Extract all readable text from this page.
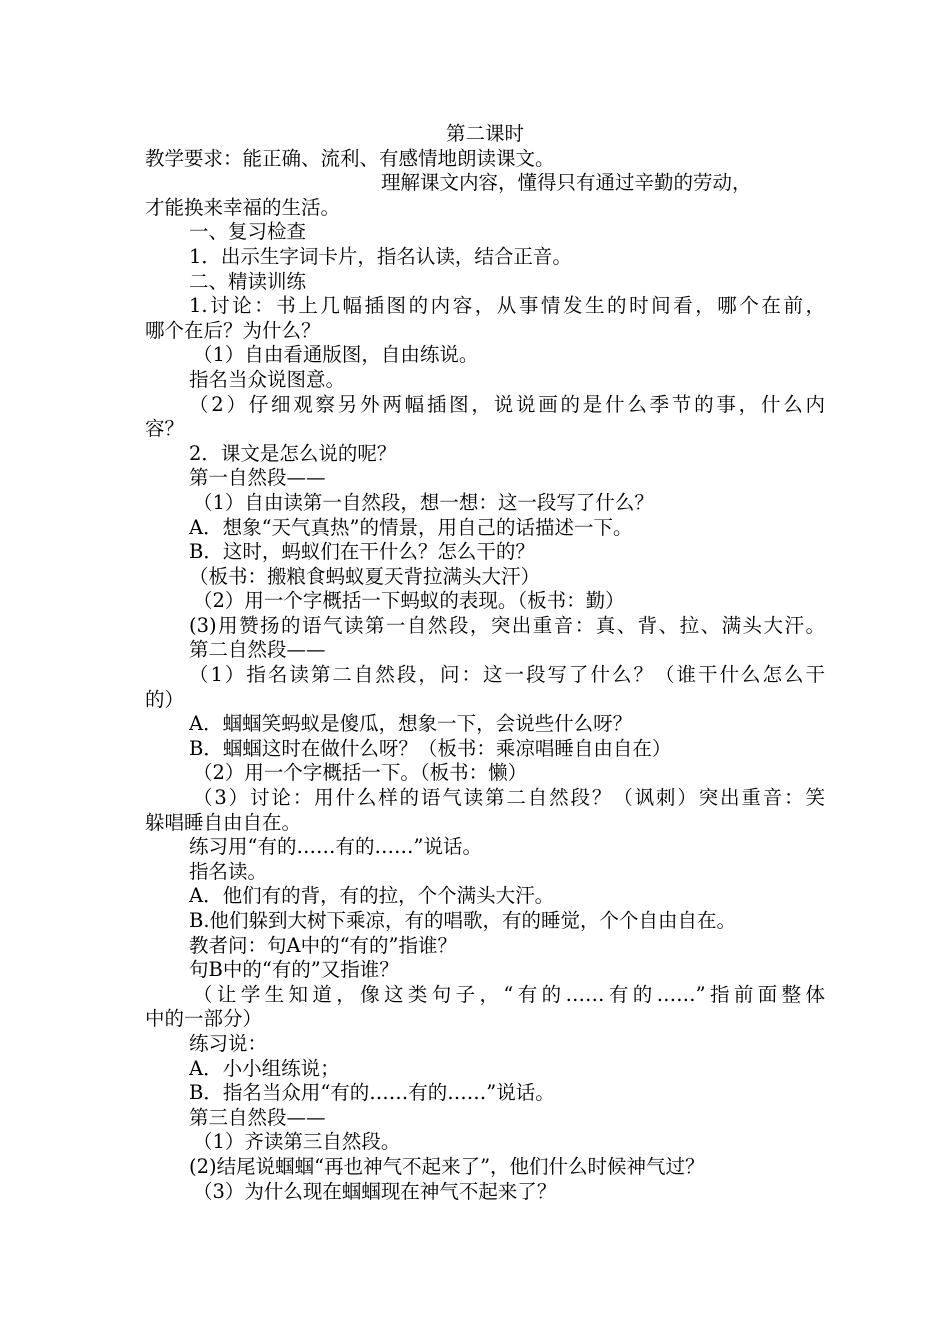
第二课时
教学要求：能正确、流利、有感情地朗读课文。
理解课文内容，懂得只有通过辛勤的劳动，
才能换来幸福的生活。
一、复习检查
1．出示生字词卡片，指名认读，结合正音。
二、精读训练
1.讨论：书上几幅插图的内容，从事情发生的时间看，哪个在前，
哪个在后？为什么？
（1）自由看通版图，自由练说。
指名当众说图意。
（2）仔细观察另外两幅插图，说说画的是什么季节的事，什么内
容？
2．课文是怎么说的呢？
第一自然段——
（1）自由读第一自然段，想一想：这一段写了什么？
A．想象“天气真热”的情景，用自己的话描述一下。
B．这时，蚂蚁们在干什么？怎么干的？
（板书：搬粮食蚂蚁夏天背拉满头大汗）
（2）用一个字概括一下蚂蚁的表现。（板书：勤）
(3)用赞扬的语气读第一自然段，突出重音：真、背、拉、满头大汗。
第二自然段——
（1）指名读第二自然段，问：这一段写了什么？（谁干什么怎么干
的）
A．蝈蝈笑蚂蚁是傻瓜，想象一下，会说些什么呀？
B．蝈蝈这时在做什么呀？（板书：乘凉唱睡自由自在）
（2）用一个字概括一下。（板书：懒）
（3）讨论：用什么样的语气读第二自然段？（讽刺）突出重音：笑
躲唱睡自由自在。
练习用“有的……有的……”说话。
指名读。
A．他们有的背，有的拉，个个满头大汗。
B.他们躲到大树下乘凉，有的唱歌，有的睡觉，个个自由自在。
教者问：句A中的“有的”指谁？
句B中的“有的”又指谁？
（让学生知道，像这类句子，“有的……有的……”指前面整体
中的一部分）
练习说：
A．小小组练说；
B．指名当众用“有的……有的……”说话。
第三自然段——
（1）齐读第三自然段。
(2)结尾说蝈蝈“再也神气不起来了”，他们什么时候神气过？
（3）为什么现在蝈蝈现在神气不起来了？
